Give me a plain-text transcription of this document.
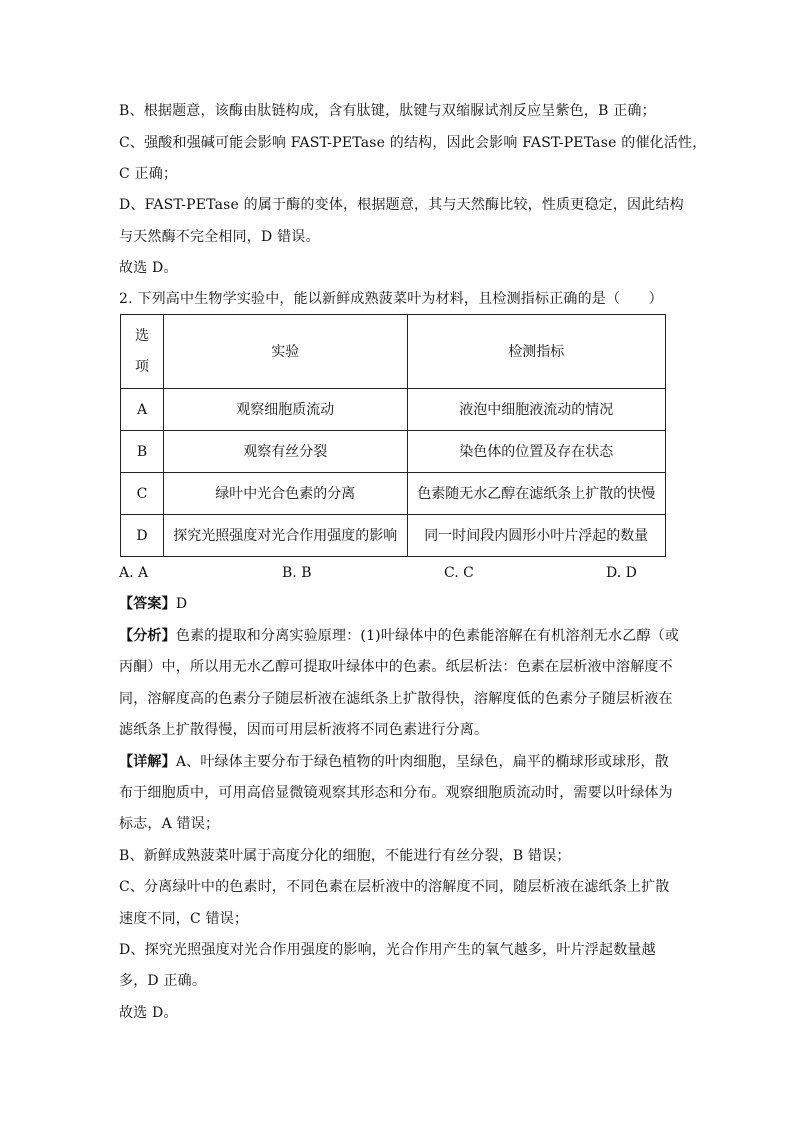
B、根据题意，该酶由肽链构成，含有肽键，肽键与双缩脲试剂反应呈紫色，B 正确；
C、强酸和强碱可能会影响 FAST-PETase 的结构，因此会影响 FAST-PETase 的催化活性，
C 正确；
D、FAST-PETase 的属于酶的变体，根据题意，其与天然酶比较，性质更稳定，因此结构
与天然酶不完全相同，D 错误。
故选 D。
2. 下列高中生物学实验中，能以新鲜成熟菠菜叶为材料，且检测指标正确的是（　　）
选项	实验	检测指标
A	观察细胞质流动	液泡中细胞液流动的情况
B	观察有丝分裂	染色体的位置及存在状态
C	绿叶中光合色素的分离	色素随无水乙醇在滤纸条上扩散的快慢
D	探究光照强度对光合作用强度的影响	同一时间段内圆形小叶片浮起的数量
A. A	B. B	C. C	D. D
【答案】D
【分析】色素的提取和分离实验原理：(1)叶绿体中的色素能溶解在有机溶剂无水乙醇（或
丙酮）中，所以用无水乙醇可提取叶绿体中的色素。纸层析法：色素在层析液中溶解度不
同，溶解度高的色素分子随层析液在滤纸条上扩散得快，溶解度低的色素分子随层析液在
滤纸条上扩散得慢，因而可用层析液将不同色素进行分离。
【详解】A、叶绿体主要分布于绿色植物的叶肉细胞，呈绿色，扁平的椭球形或球形，散
布于细胞质中，可用高倍显微镜观察其形态和分布。观察细胞质流动时，需要以叶绿体为
标志，A 错误；
B、新鲜成熟菠菜叶属于高度分化的细胞，不能进行有丝分裂，B 错误；
C、分离绿叶中的色素时，不同色素在层析液中的溶解度不同，随层析液在滤纸条上扩散
速度不同，C 错误；
D、探究光照强度对光合作用强度的影响，光合作用产生的氧气越多，叶片浮起数量越
多，D 正确。
故选 D。
